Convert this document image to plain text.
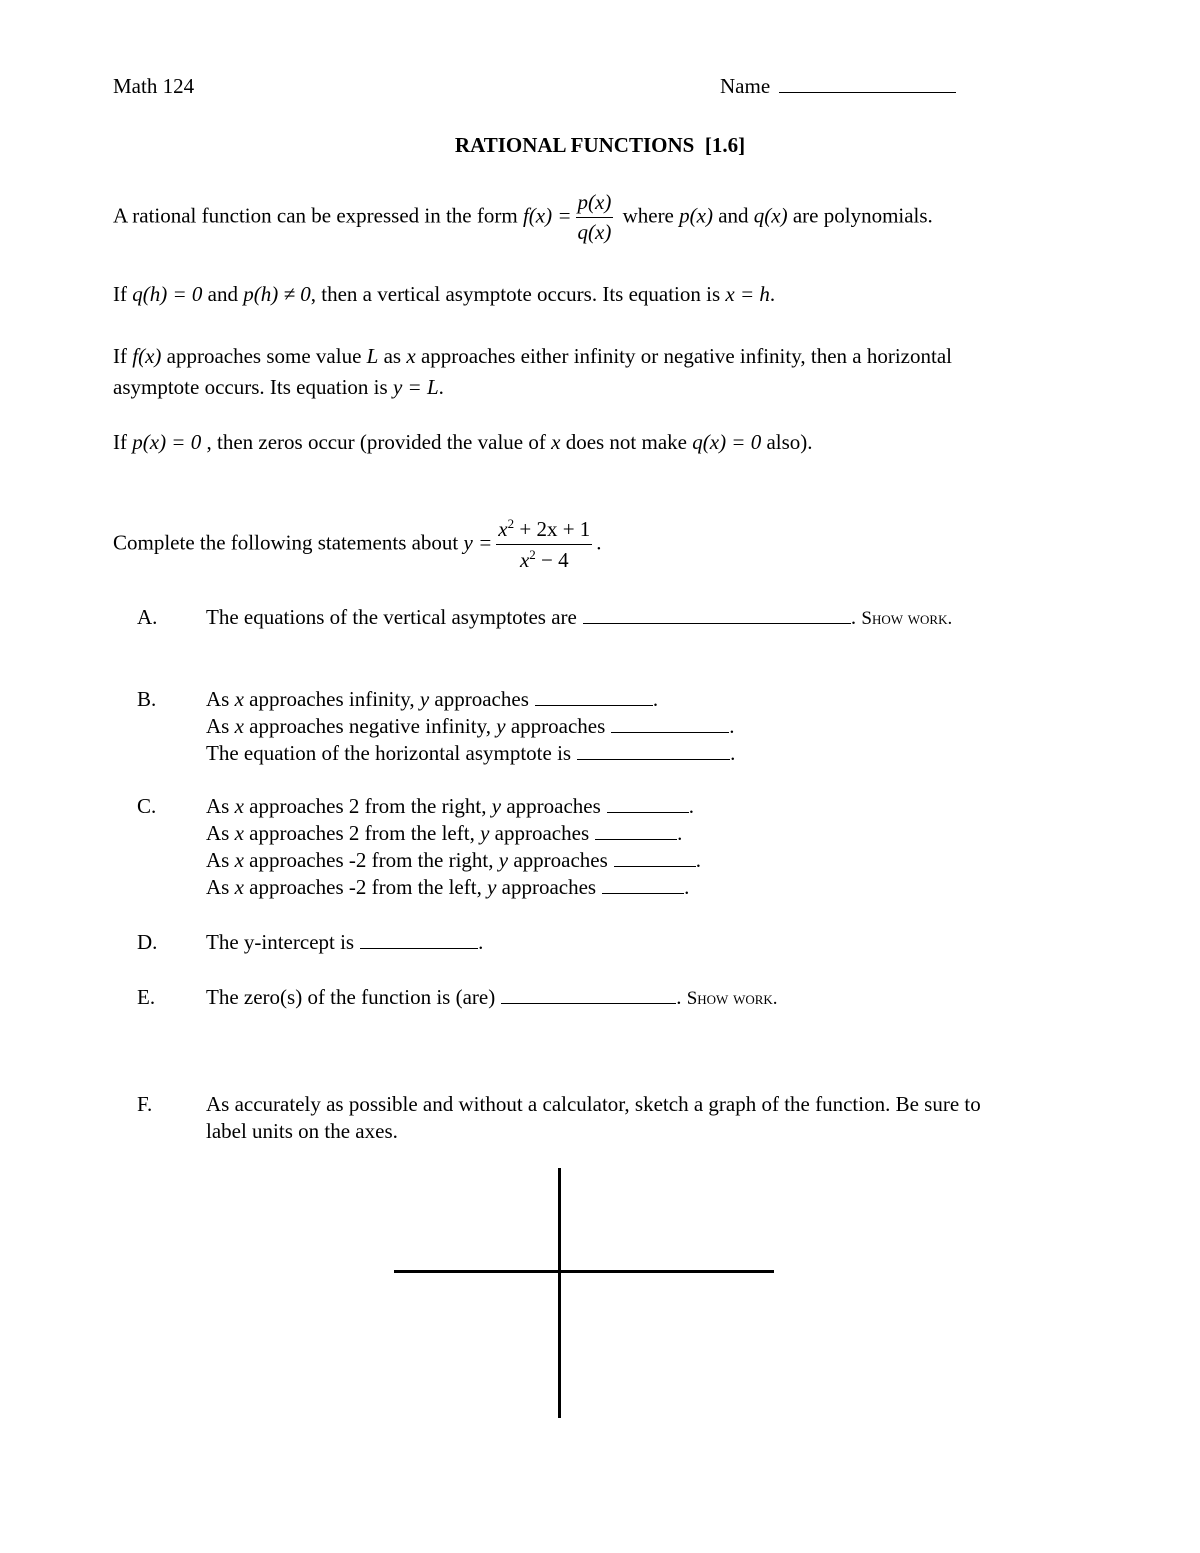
Math 124	Name
RATIONAL FUNCTIONS  [1.6]
A rational function can be expressed in the form $f(x) = \frac{p(x)}{q(x)}$ where p(x) and q(x) are polynomials.
If q(h) = 0 and p(h) ≠ 0, then a vertical asymptote occurs. Its equation is x = h.
If f(x) approaches some value L as x approaches either infinity or negative infinity, then a horizontal
asymptote occurs. Its equation is y = L.
If p(x) = 0 , then zeros occur (provided the value of x does not make q(x) = 0 also).
Complete the following statements about $y = \frac{x^2 + 2x + 1}{x^2 - 4}$ .
A. The equations of the vertical asymptotes are	. Show work.
B. As x approaches infinity, y approaches	.
As x approaches negative infinity, y approaches	.
The equation of the horizontal asymptote is	.
C. As x approaches 2 from the right, y approaches	.
As x approaches 2 from the left, y approaches	.
As x approaches -2 from the right, y approaches	.
As x approaches -2 from the left, y approaches	.
D. The y-intercept is	.
E. The zero(s) of the function is (are)	. Show work.
F.	As accurately as possible and without a calculator, sketch a graph of the function. Be sure to
label units on the axes.
